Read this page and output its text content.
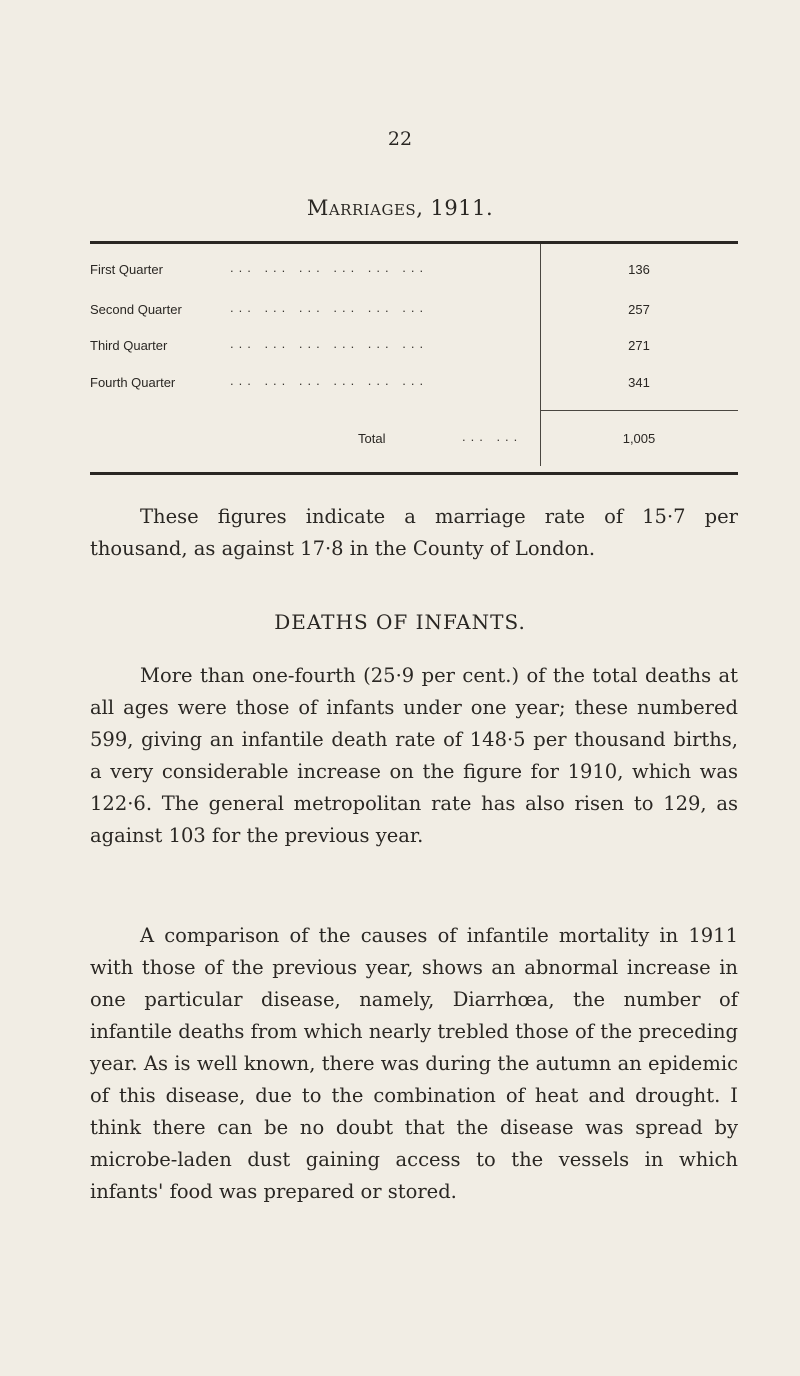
22
Marriages, 1911.
First Quarter	... ... ... ... ... ...	136
Second Quarter	... ... ... ... ... ...	257
Third Quarter	... ... ... ... ... ...	271
Fourth Quarter	... ... ... ... ... ...	341
Total	... ...	1,005

These figures indicate a marriage rate of 15·7 per thousand, as against 17·8 in the County of London.

DEATHS OF INFANTS.

More than one-fourth (25·9 per cent.) of the total deaths at all ages were those of infants under one year; these numbered 599, giving an infantile death rate of 148·5 per thousand births, a very considerable increase on the figure for 1910, which was 122·6. The general metropolitan rate has also risen to 129, as against 103 for the previous year.

A comparison of the causes of infantile mortality in 1911 with those of the previous year, shows an abnormal increase in one particular disease, namely, Diarrhœa, the number of infantile deaths from which nearly trebled those of the preceding year. As is well known, there was during the autumn an epidemic of this disease, due to the combination of heat and drought. I think there can be no doubt that the disease was spread by microbe-laden dust gaining access to the vessels in which infants' food was prepared or stored.
